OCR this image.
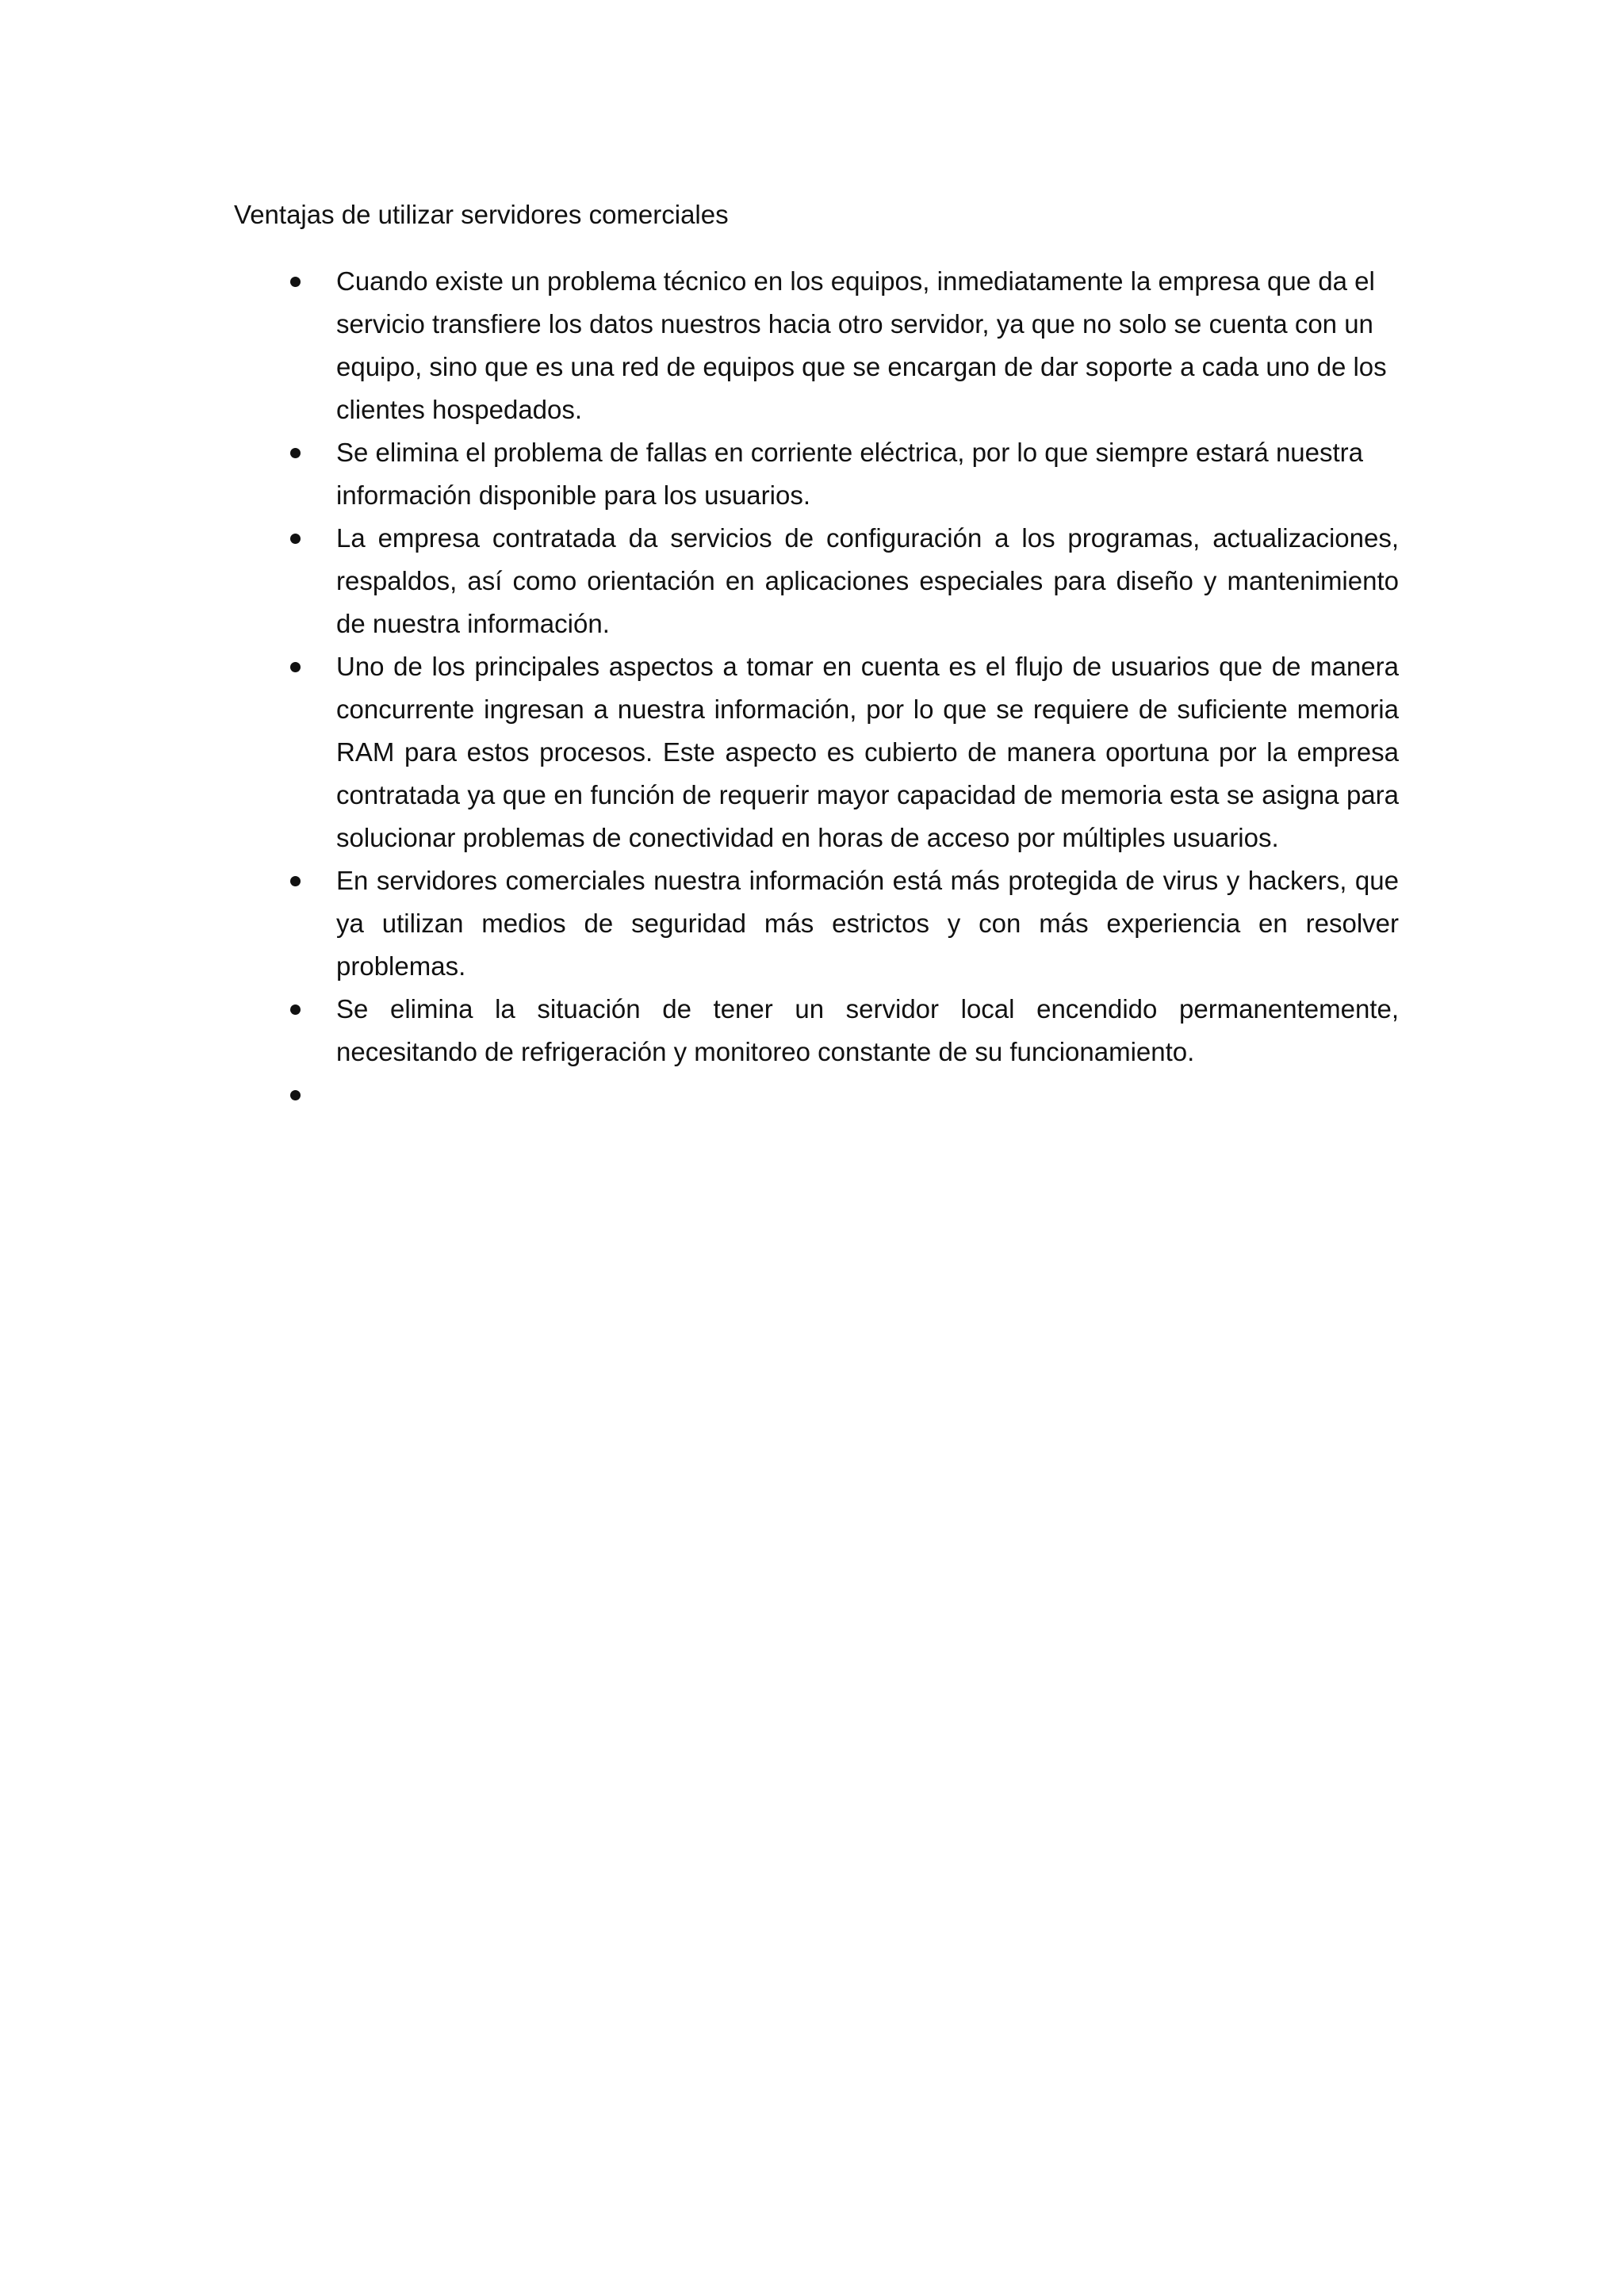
Ventajas de utilizar servidores comerciales
Cuando existe un problema técnico en los equipos, inmediatamente la empresa que da el servicio transfiere los datos nuestros hacia otro servidor, ya que no solo se cuenta con un equipo, sino que es una red de equipos que se encargan de dar soporte a cada uno de los clientes hospedados.
Se elimina el problema de fallas en corriente eléctrica, por lo que siempre estará nuestra información disponible para los usuarios.
La empresa contratada da servicios de configuración a los programas, actualizaciones, respaldos, así como orientación en aplicaciones especiales para diseño y mantenimiento de nuestra información.
Uno de los principales aspectos a tomar en cuenta es el flujo de usuarios que de manera concurrente ingresan a nuestra información, por lo que se requiere de suficiente memoria RAM para estos procesos. Este aspecto es cubierto de manera oportuna por la empresa contratada ya que en función de requerir mayor capacidad de memoria esta se asigna para solucionar problemas de conectividad en horas de acceso por múltiples usuarios.
En servidores comerciales nuestra información está más protegida de virus y hackers, que ya utilizan medios de seguridad más estrictos y con más experiencia en resolver problemas.
Se elimina la situación de tener un servidor local encendido permanentemente, necesitando de refrigeración y monitoreo constante de su funcionamiento.
